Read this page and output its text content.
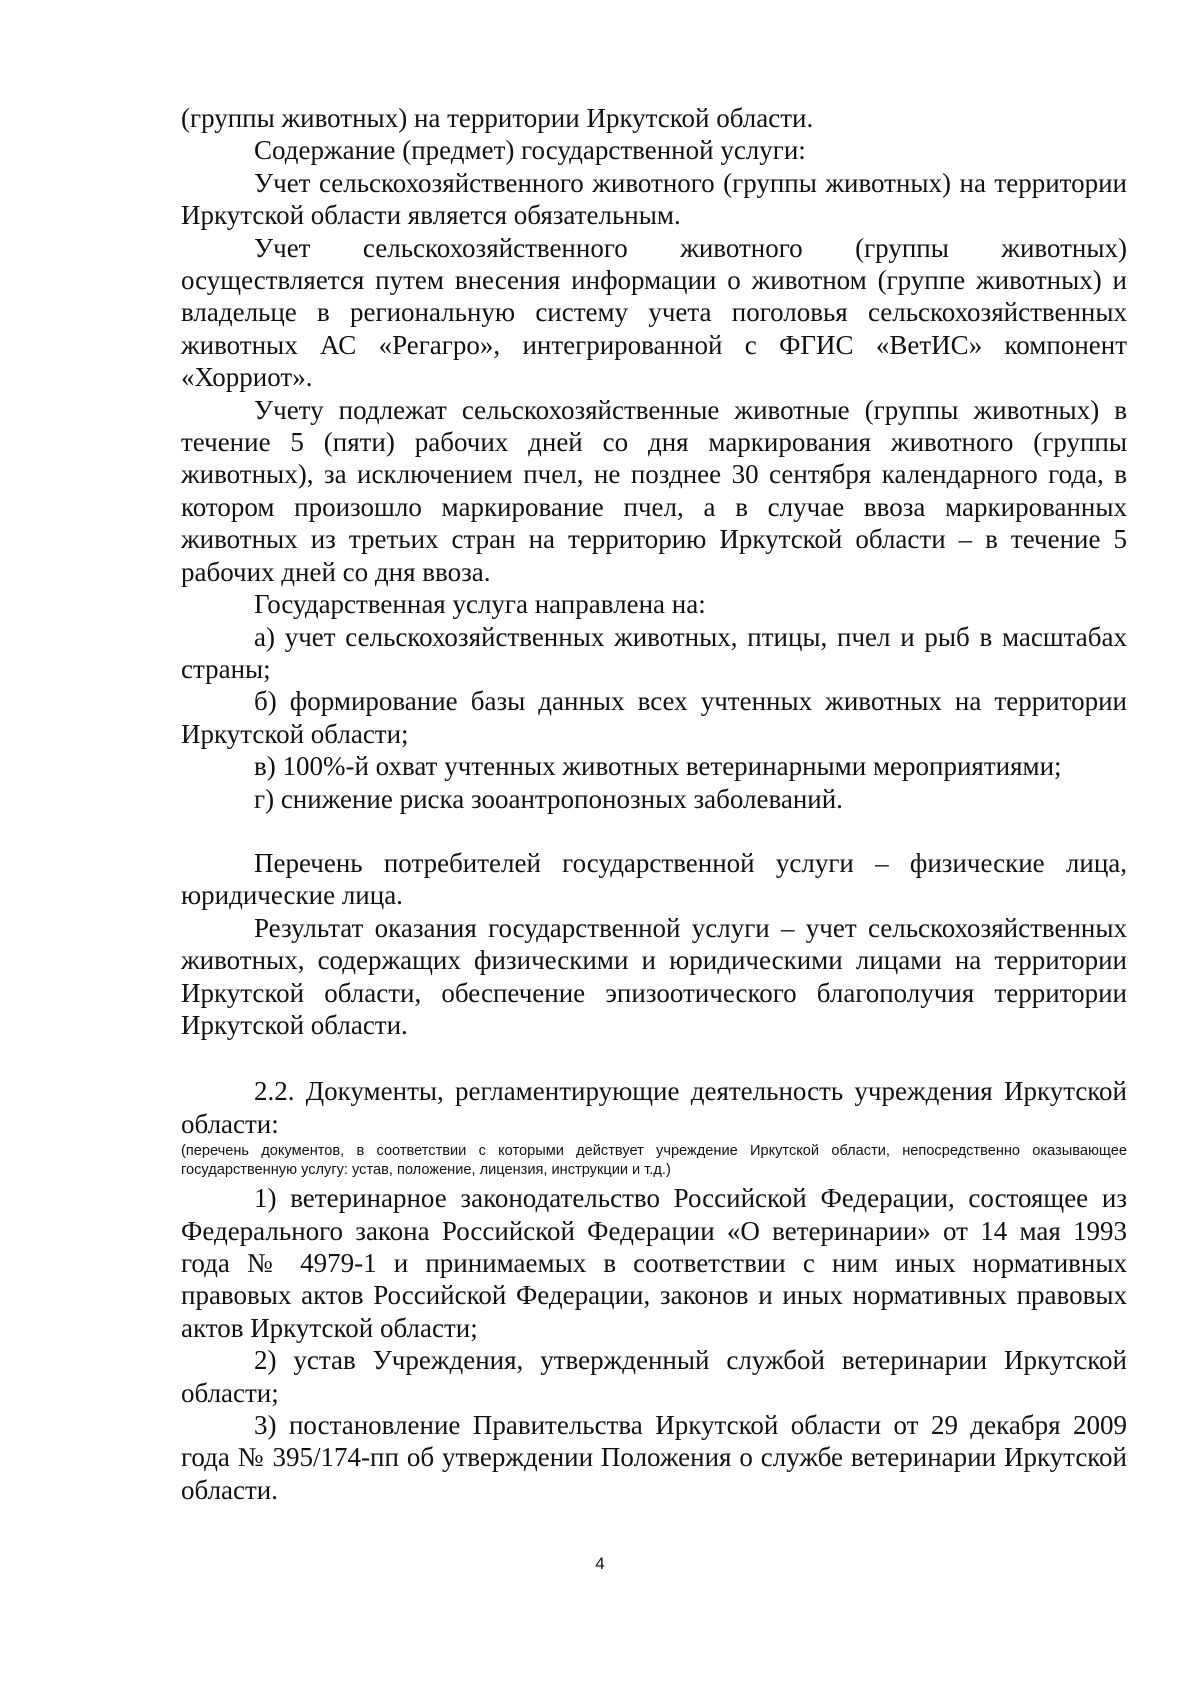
(группы животных) на территории Иркутской области.

Содержание (предмет) государственной услуги:

Учет сельскохозяйственного животного (группы животных) на территории Иркутской области является обязательным.

Учет сельскохозяйственного животного (группы животных) осуществляется путем внесения информации о животном (группе животных) и владельце в региональную систему учета поголовья сельскохозяйственных животных АС «Регагро», интегрированной с ФГИС «ВетИС» компонент «Хорриот».

Учету подлежат сельскохозяйственные животные (группы животных) в течение 5 (пяти) рабочих дней со дня маркирования животного (группы животных), за исключением пчел, не позднее 30 сентября календарного года, в котором произошло маркирование пчел, а в случае ввоза маркированных животных из третьих стран на территорию Иркутской области – в течение 5 рабочих дней со дня ввоза.

Государственная услуга направлена на:

а) учет сельскохозяйственных животных, птицы, пчел и рыб в масштабах страны;

б) формирование базы данных всех учтенных животных на территории Иркутской области;

в) 100%-й охват учтенных животных ветеринарными мероприятиями;

г) снижение риска зооантропонозных заболеваний.

Перечень потребителей государственной услуги – физические лица, юридические лица.

Результат оказания государственной услуги – учет сельскохозяйственных животных, содержащих физическими и юридическими лицами на территории Иркутской области, обеспечение эпизоотического благополучия территории Иркутской области.

2.2. Документы, регламентирующие деятельность учреждения Иркутской области:

(перечень документов, в соответствии с которыми действует учреждение Иркутской области, непосредственно оказывающее государственную услугу: устав, положение, лицензия, инструкции и т.д.)

1) ветеринарное законодательство Российской Федерации, состоящее из Федерального закона Российской Федерации «О ветеринарии» от 14 мая 1993 года № 4979-1 и принимаемых в соответствии с ним иных нормативных правовых актов Российской Федерации, законов и иных нормативных правовых актов Иркутской области;

2) устав Учреждения, утвержденный службой ветеринарии Иркутской области;

3) постановление Правительства Иркутской области от 29 декабря 2009 года № 395/174-пп об утверждении Положения о службе ветеринарии Иркутской области.

4
